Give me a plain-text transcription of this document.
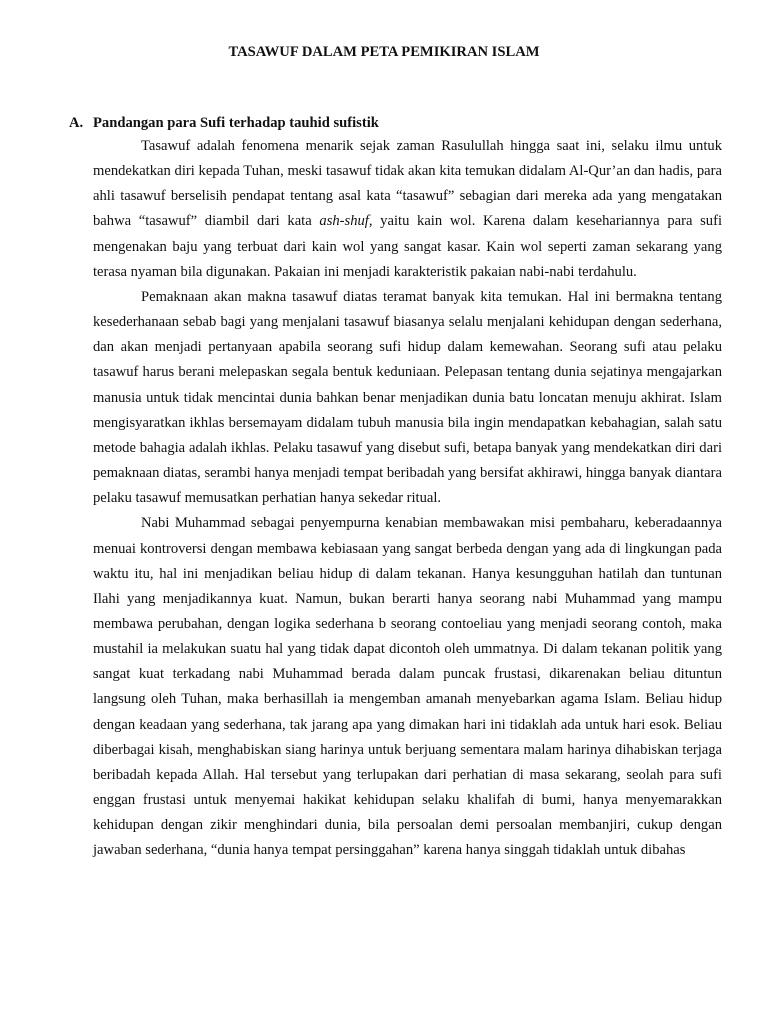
TASAWUF DALAM PETA PEMIKIRAN ISLAM
A. Pandangan para Sufi terhadap tauhid sufistik

Tasawuf adalah fenomena menarik sejak zaman Rasulullah hingga saat ini, selaku ilmu untuk mendekatkan diri kepada Tuhan, meski tasawuf tidak akan kita temukan didalam Al-Qur’an dan hadis, para ahli tasawuf berselisih pendapat tentang asal kata “tasawuf” sebagian dari mereka ada yang mengatakan bahwa “tasawuf” diambil dari kata ash-shuf, yaitu kain wol. Karena dalam kesehariannya para sufi mengenakan baju yang terbuat dari kain wol yang sangat kasar. Kain wol seperti zaman sekarang yang terasa nyaman bila digunakan. Pakaian ini menjadi karakteristik pakaian nabi-nabi terdahulu.

Pemaknaan akan makna tasawuf diatas teramat banyak kita temukan. Hal ini bermakna tentang kesederhanaan sebab bagi yang menjalani tasawuf biasanya selalu menjalani kehidupan dengan sederhana, dan akan menjadi pertanyaan apabila seorang sufi hidup dalam kemewahan. Seorang sufi atau pelaku tasawuf harus berani melepaskan segala bentuk keduniaan. Pelepasan tentang dunia sejatinya mengajarkan manusia untuk tidak mencintai dunia bahkan benar menjadikan dunia batu loncatan menuju akhirat. Islam mengisyaratkan ikhlas bersemayam didalam tubuh manusia bila ingin mendapatkan kebahagian, salah satu metode bahagia adalah ikhlas. Pelaku tasawuf yang disebut sufi, betapa banyak yang mendekatkan diri dari pemaknaan diatas, serambi hanya menjadi tempat beribadah yang bersifat akhirawi, hingga banyak diantara pelaku tasawuf memusatkan perhatian hanya sekedar ritual.

Nabi Muhammad sebagai penyempurna kenabian membawakan misi pembaharu, keberadaannya menuai kontroversi dengan membawa kebiasaan yang sangat berbeda dengan yang ada di lingkungan pada waktu itu, hal ini menjadikan beliau hidup di dalam tekanan. Hanya kesungguhan hatilah dan tuntunan Ilahi yang menjadikannya kuat. Namun, bukan berarti hanya seorang nabi Muhammad yang mampu membawa perubahan, dengan logika sederhana b seorang contoeliau yang menjadi seorang contoh, maka mustahil ia melakukan suatu hal yang tidak dapat dicontoh oleh ummatnya. Di dalam tekanan politik yang sangat kuat terkadang nabi Muhammad berada dalam puncak frustasi, dikarenakan beliau dituntun langsung oleh Tuhan, maka berhasillah ia mengemban amanah menyebarkan agama Islam. Beliau hidup dengan keadaan yang sederhana, tak jarang apa yang dimakan hari ini tidaklah ada untuk hari esok. Beliau diberbagai kisah, menghabiskan siang harinya untuk berjuang sementara malam harinya dihabiskan terjaga beribadah kepada Allah. Hal tersebut yang terlupakan dari perhatian di masa sekarang, seolah para sufi enggan frustasi untuk menyemai hakikat kehidupan selaku khalifah di bumi, hanya menyemarakkan kehidupan dengan zikir menghindari dunia, bila persoalan demi persoalan membanjiri, cukup dengan jawaban sederhana, “dunia hanya tempat persinggahan” karena hanya singgah tidaklah untuk dibahas
